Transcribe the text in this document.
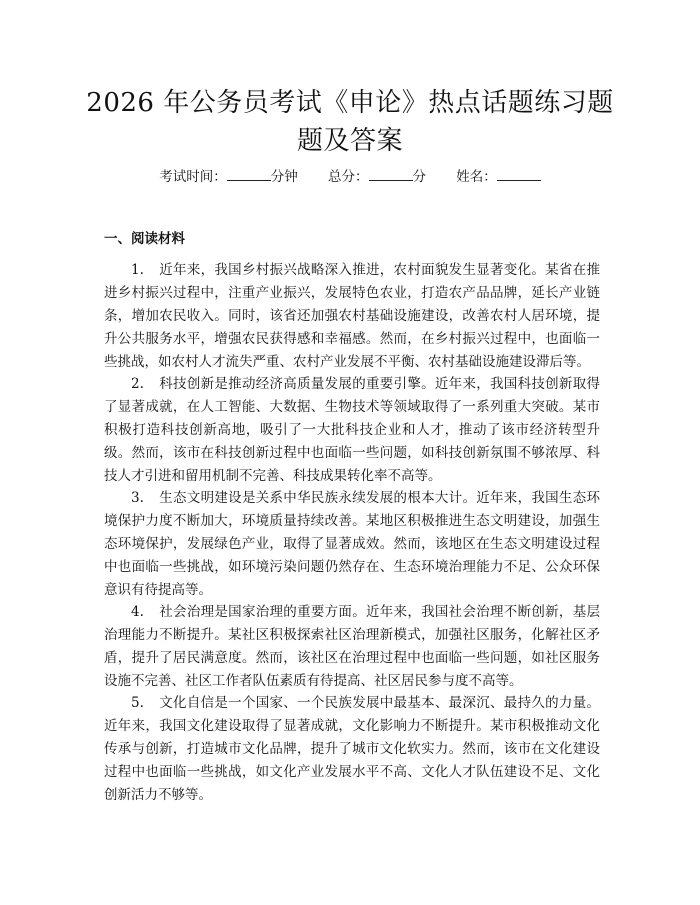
2026 年公务员考试《申论》热点话题练习题
题及答案
考试时间：	分钟 总分：	分 姓名：
一、阅读材料

1. 近年来，我国乡村振兴战略深入推进，农村面貌发生显著变化。某省在推进乡村振兴过程中，注重产业振兴，发展特色农业，打造农产品品牌，延长产业链条，增加农民收入。同时，该省还加强农村基础设施建设，改善农村人居环境，提升公共服务水平，增强农民获得感和幸福感。然而，在乡村振兴过程中，也面临一些挑战，如农村人才流失严重、农村产业发展不平衡、农村基础设施建设滞后等。

2. 科技创新是推动经济高质量发展的重要引擎。近年来，我国科技创新取得了显著成就，在人工智能、大数据、生物技术等领域取得了一系列重大突破。某市积极打造科技创新高地，吸引了一大批科技企业和人才，推动了该市经济转型升级。然而，该市在科技创新过程中也面临一些问题，如科技创新氛围不够浓厚、科技人才引进和留用机制不完善、科技成果转化率不高等。

3. 生态文明建设是关系中华民族永续发展的根本大计。近年来，我国生态环境保护力度不断加大，环境质量持续改善。某地区积极推进生态文明建设，加强生态环境保护，发展绿色产业，取得了显著成效。然而，该地区在生态文明建设过程中也面临一些挑战，如环境污染问题仍然存在、生态环境治理能力不足、公众环保意识有待提高等。

4. 社会治理是国家治理的重要方面。近年来，我国社会治理不断创新，基层治理能力不断提升。某社区积极探索社区治理新模式，加强社区服务，化解社区矛盾，提升了居民满意度。然而，该社区在治理过程中也面临一些问题，如社区服务设施不完善、社区工作者队伍素质有待提高、社区居民参与度不高等。

5. 文化自信是一个国家、一个民族发展中最基本、最深沉、最持久的力量。近年来，我国文化建设取得了显著成就，文化影响力不断提升。某市积极推动文化传承与创新，打造城市文化品牌，提升了城市文化软实力。然而，该市在文化建设过程中也面临一些挑战，如文化产业发展水平不高、文化人才队伍建设不足、文化创新活力不够等。
